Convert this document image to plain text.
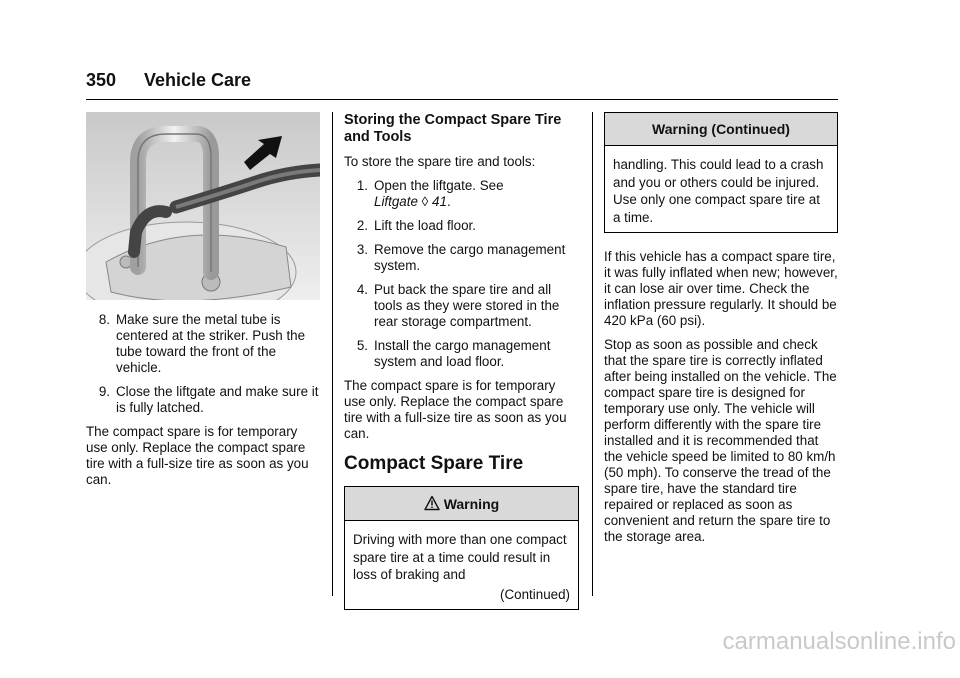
350 Vehicle Care
8. Make sure the metal tube is centered at the striker. Push the tube toward the front of the vehicle.
9. Close the liftgate and make sure it is fully latched.

The compact spare is for temporary use only. Replace the compact spare tire with a full-size tire as soon as you can.

Storing the Compact Spare Tire and Tools

To store the spare tire and tools:

1. Open the liftgate. See
Liftgate ◊ 41.
2. Lift the load floor.
3. Remove the cargo management system.
4. Put back the spare tire and all tools as they were stored in the rear storage compartment.
5. Install the cargo management system and load floor.

The compact spare is for temporary use only. Replace the compact spare tire with a full-size tire as soon as you can.

Compact Spare Tire
Warning
Driving with more than one compact spare tire at a time could result in loss of braking and
(Continued)
Warning (Continued)
handling. This could lead to a crash and you or others could be injured. Use only one compact spare tire at a time.

If this vehicle has a compact spare tire, it was fully inflated when new; however, it can lose air over time. Check the inflation pressure regularly. It should be 420 kPa (60 psi).

Stop as soon as possible and check that the spare tire is correctly inflated after being installed on the vehicle. The compact spare tire is designed for temporary use only. The vehicle will perform differently with the spare tire installed and it is recommended that the vehicle speed be limited to 80 km/h (50 mph). To conserve the tread of the spare tire, have the standard tire repaired or replaced as soon as convenient and return the spare tire to the storage area.

carmanualsonline.info
